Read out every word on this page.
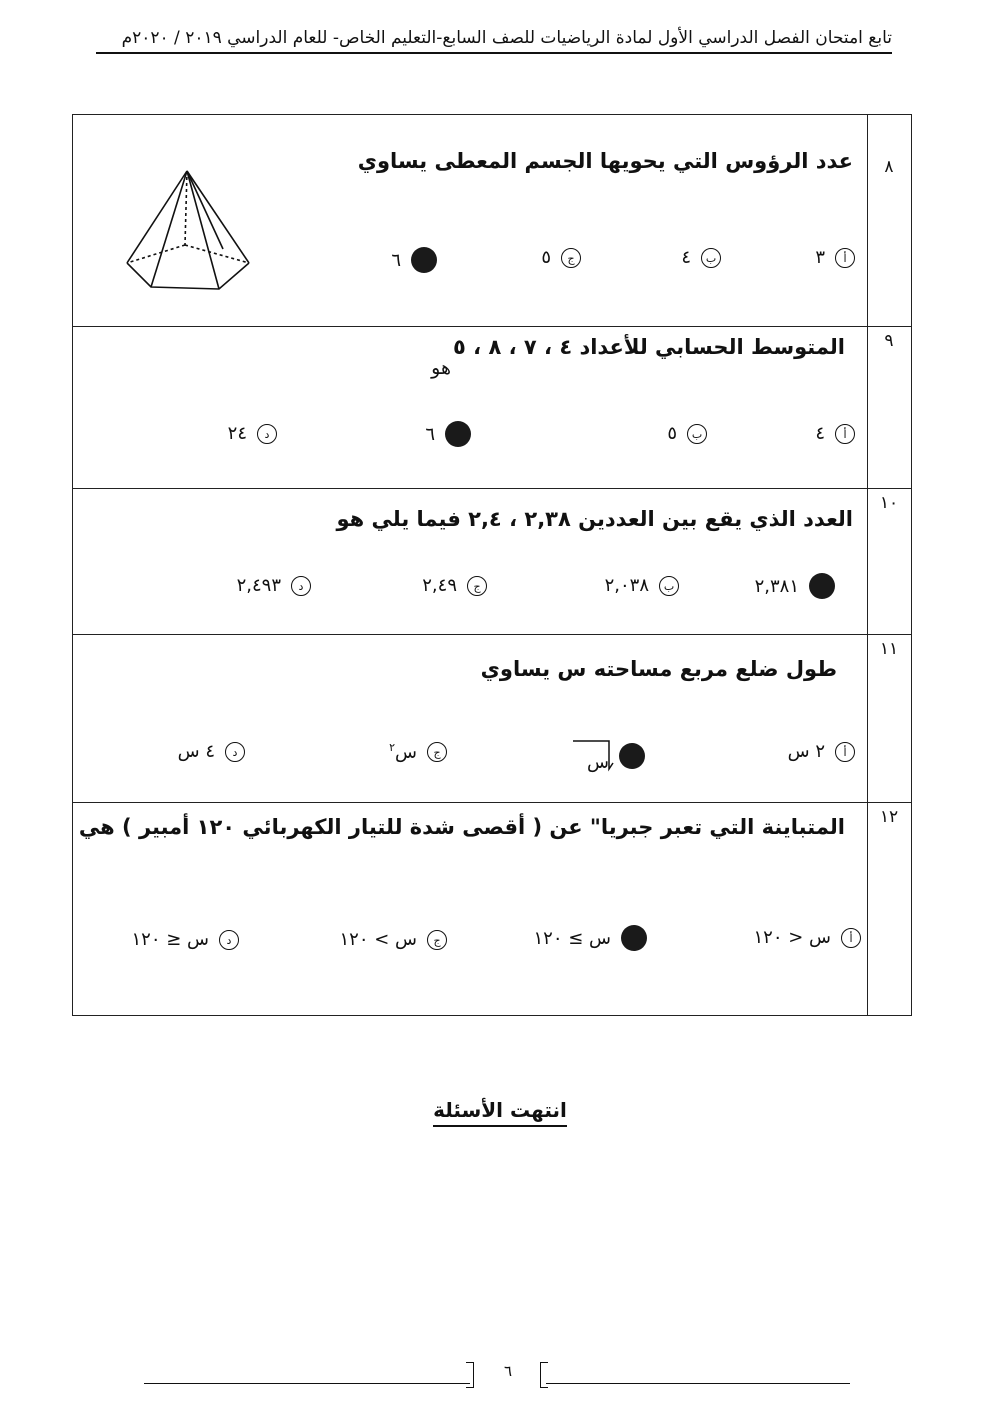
تابع امتحان الفصل الدراسي الأول لمادة الرياضيات للصف السابع-التعليم الخاص- للعام الدراسي ٢٠١٩ / ٢٠٢٠م
٨
عدد الرؤوس التي يحويها الجسم المعطى يساوي
أ
٣
ب
٤
ج
٥
٦
٩
المتوسط الحسابي للأعداد ٤ ، ٧ ، ٨ ، ٥
هو
أ
٤
ب
٥
٦
د
٢٤
١٠
العدد الذي يقع بين العددين ٢,٣٨ ، ٢,٤ فيما يلي هو
٢,٣٨١
ب
٢,٠٣٨
ج
٢,٤٩
د
٢,٤٩٣
١١
طول ضلع مربع مساحته س يساوي
أ
٢ س
س
ج
س$^٢$
د
٤ س
١٢
المتباينة التي تعبر جبريا" عن ( أقصى شدة للتيار الكهربائي ١٢٠ أمبير ) هي
أ
س < ١٢٠
س ≥ ١٢٠
ج
س > ١٢٠
د
س ≤ ١٢٠
انتهت الأسئلة
٦
